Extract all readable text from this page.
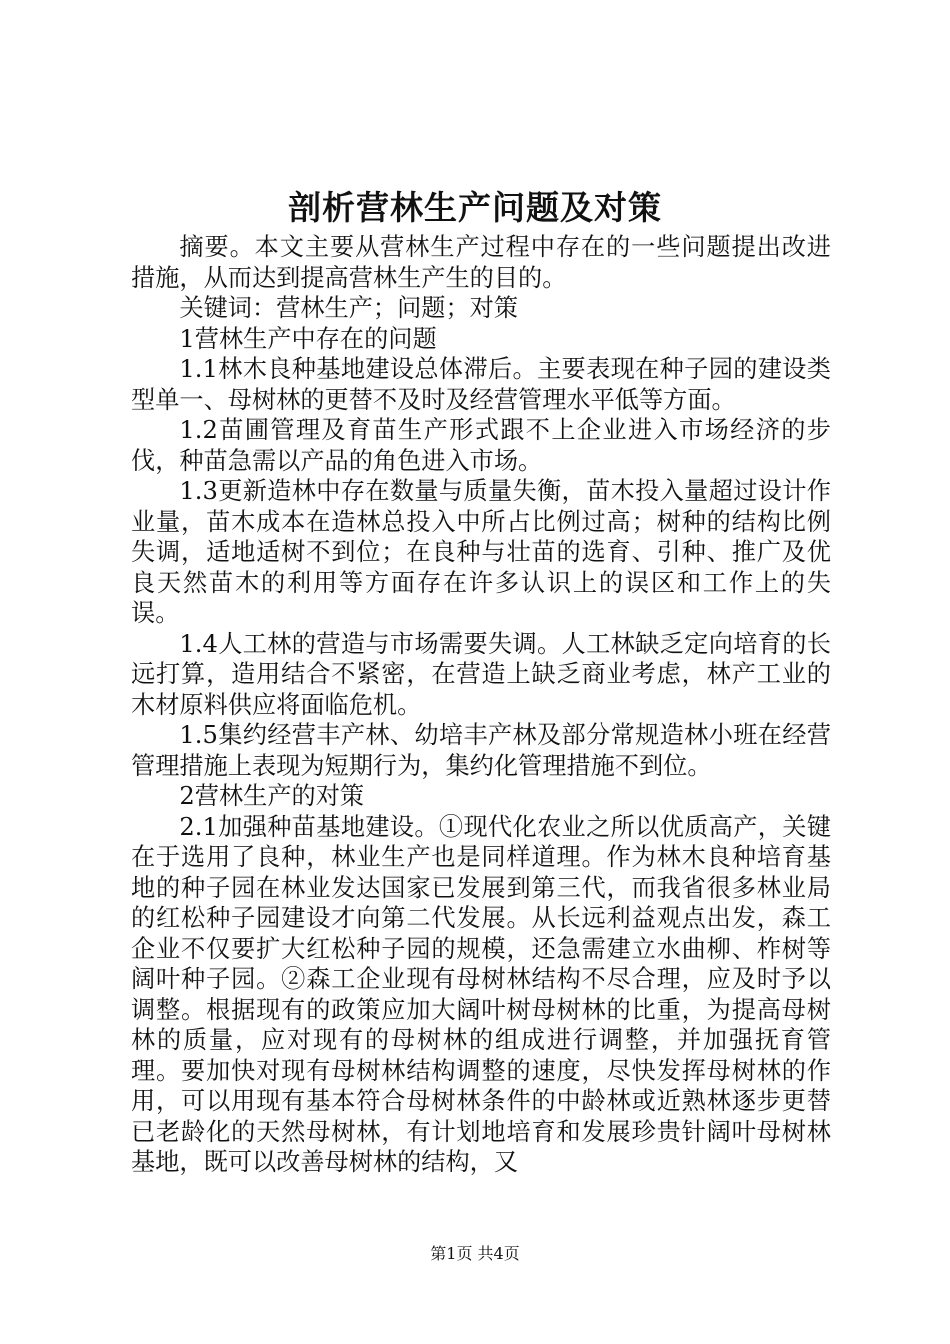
剖析营林生产问题及对策

摘要。本文主要从营林生产过程中存在的一些问题提出改进措施，从而达到提高营林生产生的目的。

关键词：营林生产；问题；对策

1营林生产中存在的问题

1.1林木良种基地建设总体滞后。主要表现在种子园的建设类型单一、母树林的更替不及时及经营管理水平低等方面。

1.2苗圃管理及育苗生产形式跟不上企业进入市场经济的步伐，种苗急需以产品的角色进入市场。

1.3更新造林中存在数量与质量失衡，苗木投入量超过设计作业量，苗木成本在造林总投入中所占比例过高；树种的结构比例失调，适地适树不到位；在良种与壮苗的选育、引种、推广及优良天然苗木的利用等方面存在许多认识上的误区和工作上的失误。

1.4人工林的营造与市场需要失调。人工林缺乏定向培育的长远打算，造用结合不紧密，在营造上缺乏商业考虑，林产工业的木材原料供应将面临危机。

1.5集约经营丰产林、幼培丰产林及部分常规造林小班在经营管理措施上表现为短期行为，集约化管理措施不到位。

2营林生产的对策

2.1加强种苗基地建设。①现代化农业之所以优质高产，关键在于选用了良种，林业生产也是同样道理。作为林木良种培育基地的种子园在林业发达国家已发展到第三代，而我省很多林业局的红松种子园建设才向第二代发展。从长远利益观点出发，森工企业不仅要扩大红松种子园的规模，还急需建立水曲柳、柞树等阔叶种子园。②森工企业现有母树林结构不尽合理，应及时予以调整。根据现有的政策应加大阔叶树母树林的比重，为提高母树林的质量，应对现有的母树林的组成进行调整，并加强抚育管理。要加快对现有母树林结构调整的速度，尽快发挥母树林的作用，可以用现有基本符合母树林条件的中龄林或近熟林逐步更替已老龄化的天然母树林，有计划地培育和发展珍贵针阔叶母树林基地，既可以改善母树林的结构，又

第1页 共4页
